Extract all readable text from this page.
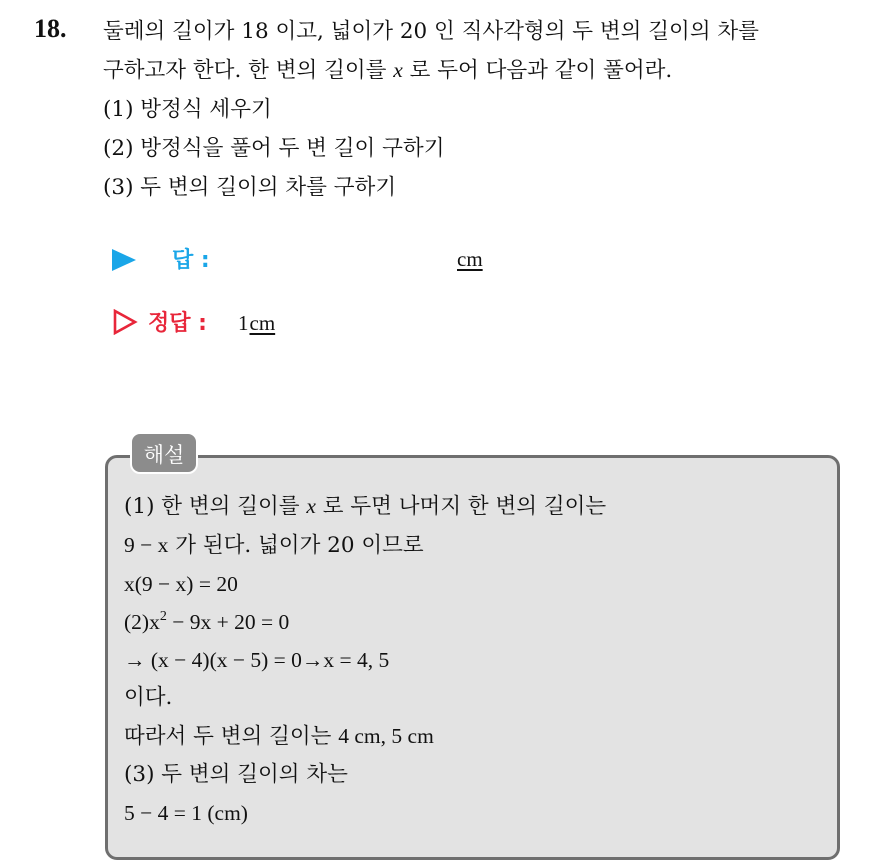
18. 둘레의 길이가 18 이고, 넓이가 20 인 직사각형의 두 변의 길이의 차를
구하고자 한다. 한 변의 길이를 x 로 두어 다음과 같이 풀어라.
(1) 방정식 세우기
(2) 방정식을 풀어 두 변 길이 구하기
(3) 두 변의 길이의 차를 구하기
답 :	cm
정답 : 1cm
해설
(1) 한 변의 길이를 x 로 두면 나머지 한 변의 길이는
9 − x 가 된다. 넓이가 20 이므로
x(9 − x) = 20
$(2)x^2 - 9x + 20 = 0$
→ (x − 4)(x − 5) = 0→x = 4, 5
이다.
따라서 두 변의 길이는 4 cm, 5 cm
(3) 두 변의 길이의 차는
5 − 4 = 1 (cm)
